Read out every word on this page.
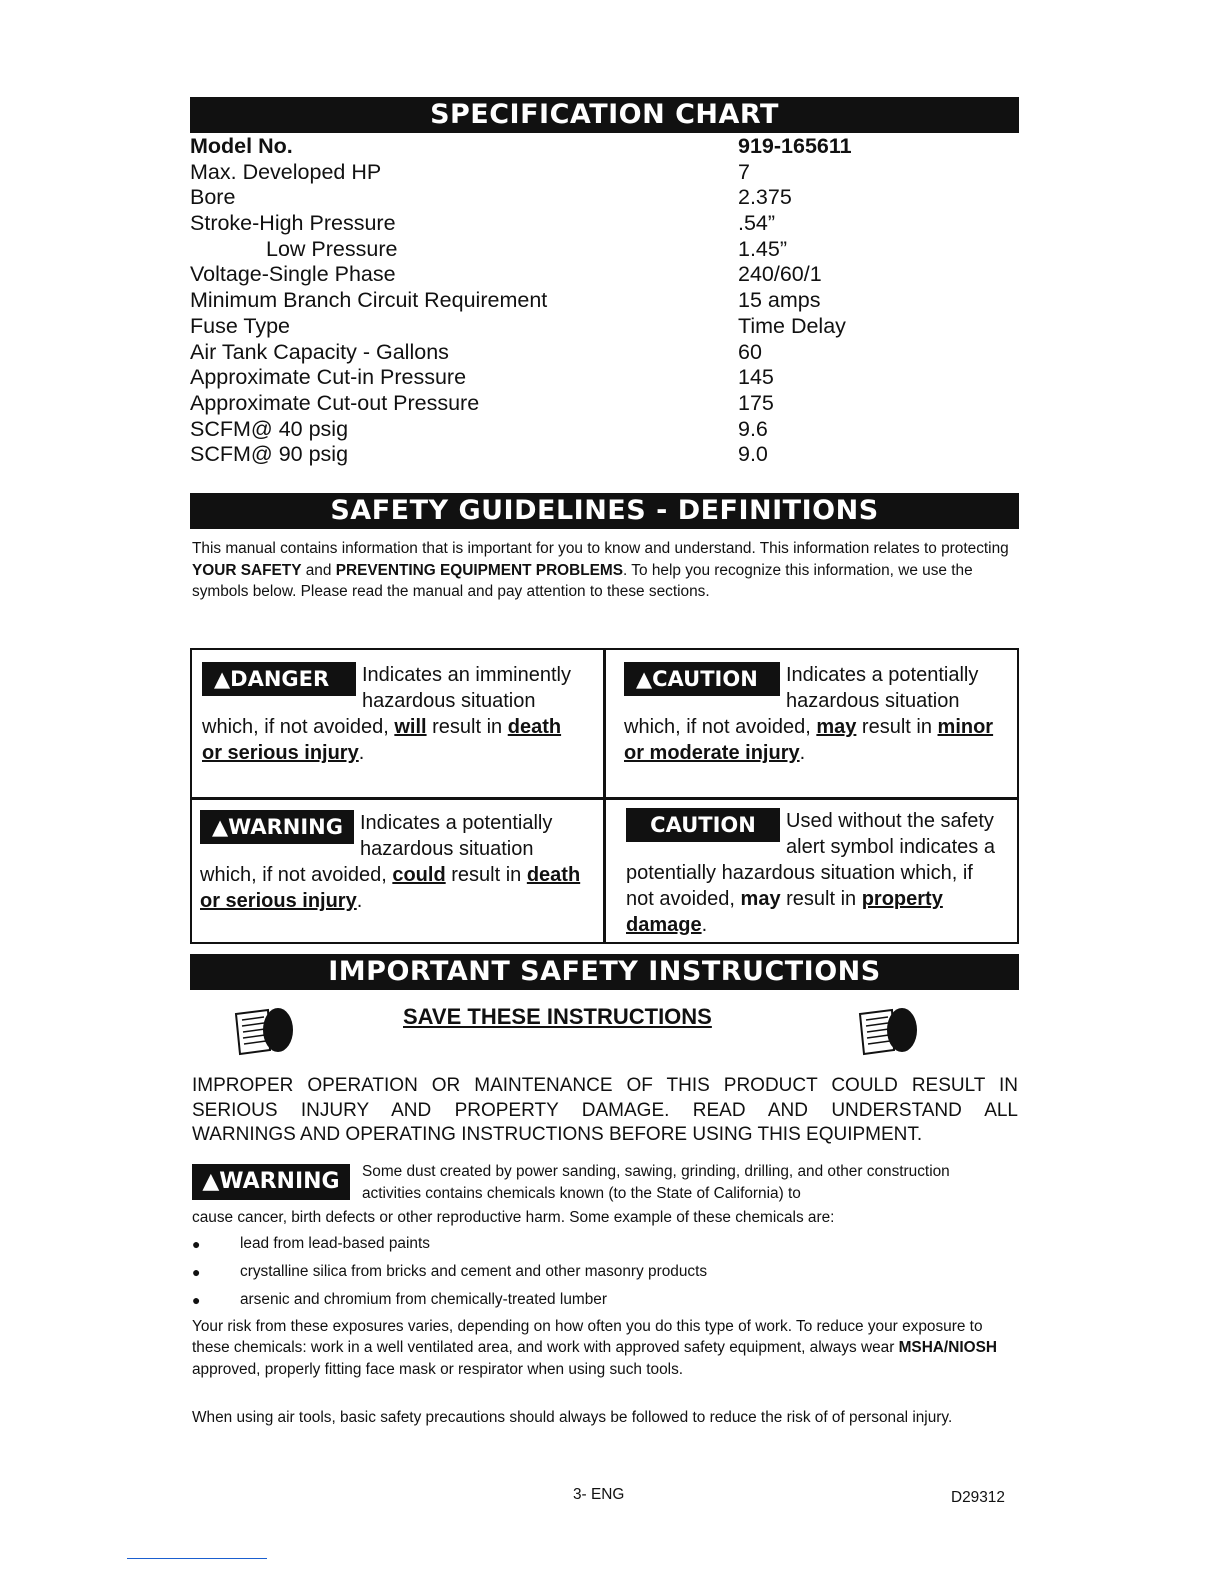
SPECIFICATION CHART
Model No.	919-165611
Max. Developed HP	7
Bore	2.375
Stroke-High Pressure	.54”
Low Pressure	1.45”
Voltage-Single Phase	240/60/1
Minimum Branch Circuit Requirement	15 amps
Fuse Type	Time Delay
Air Tank Capacity - Gallons	60
Approximate Cut-in Pressure	145
Approximate Cut-out Pressure	175
SCFM@ 40 psig	9.6
SCFM@ 90 psig	9.0
SAFETY GUIDELINES - DEFINITIONS
This manual contains information that is important for you to know and understand. This information relates to protecting YOUR SAFETY and PREVENTING EQUIPMENT PROBLEMS. To help you recognize this information, we use the symbols below. Please read the manual and pay attention to these sections.
▲DANGER	Indicates an imminently hazardous situation which, if not avoided, will result in death or serious injury.
▲CAUTION	Indicates a potentially hazardous situation which, if not avoided, may result in minor or moderate injury.
▲WARNING Indicates a potentially hazardous situation which, if not avoided, could result in death or serious injury.
CAUTION	Used without the safety alert symbol indicates a potentially hazardous situation which, if not avoided, may result in property damage.
IMPORTANT SAFETY INSTRUCTIONS
SAVE THESE INSTRUCTIONS
IMPROPER OPERATION OR MAINTENANCE OF THIS PRODUCT COULD RESULT IN
SERIOUS INJURY AND PROPERTY DAMAGE. READ AND UNDERSTAND ALL
WARNINGS AND OPERATING INSTRUCTIONS BEFORE USING THIS EQUIPMENT.
▲WARNING	Some dust created by power sanding, sawing, grinding, drilling, and other construction activities contains chemicals known (to the State of California) to
cause cancer, birth defects or other reproductive harm. Some example of these chemicals are:
●	lead from lead-based paints
●	crystalline silica from bricks and cement and other masonry products
●	arsenic and chromium from chemically-treated lumber
Your risk from these exposures varies, depending on how often you do this type of work. To reduce your exposure to these chemicals: work in a well ventilated area, and work with approved safety equipment, always wear MSHA/NIOSH approved, properly fitting face mask or respirator when using such tools.
When using air tools, basic safety precautions should always be followed to reduce the risk of of personal injury.
3- ENG	D29312
